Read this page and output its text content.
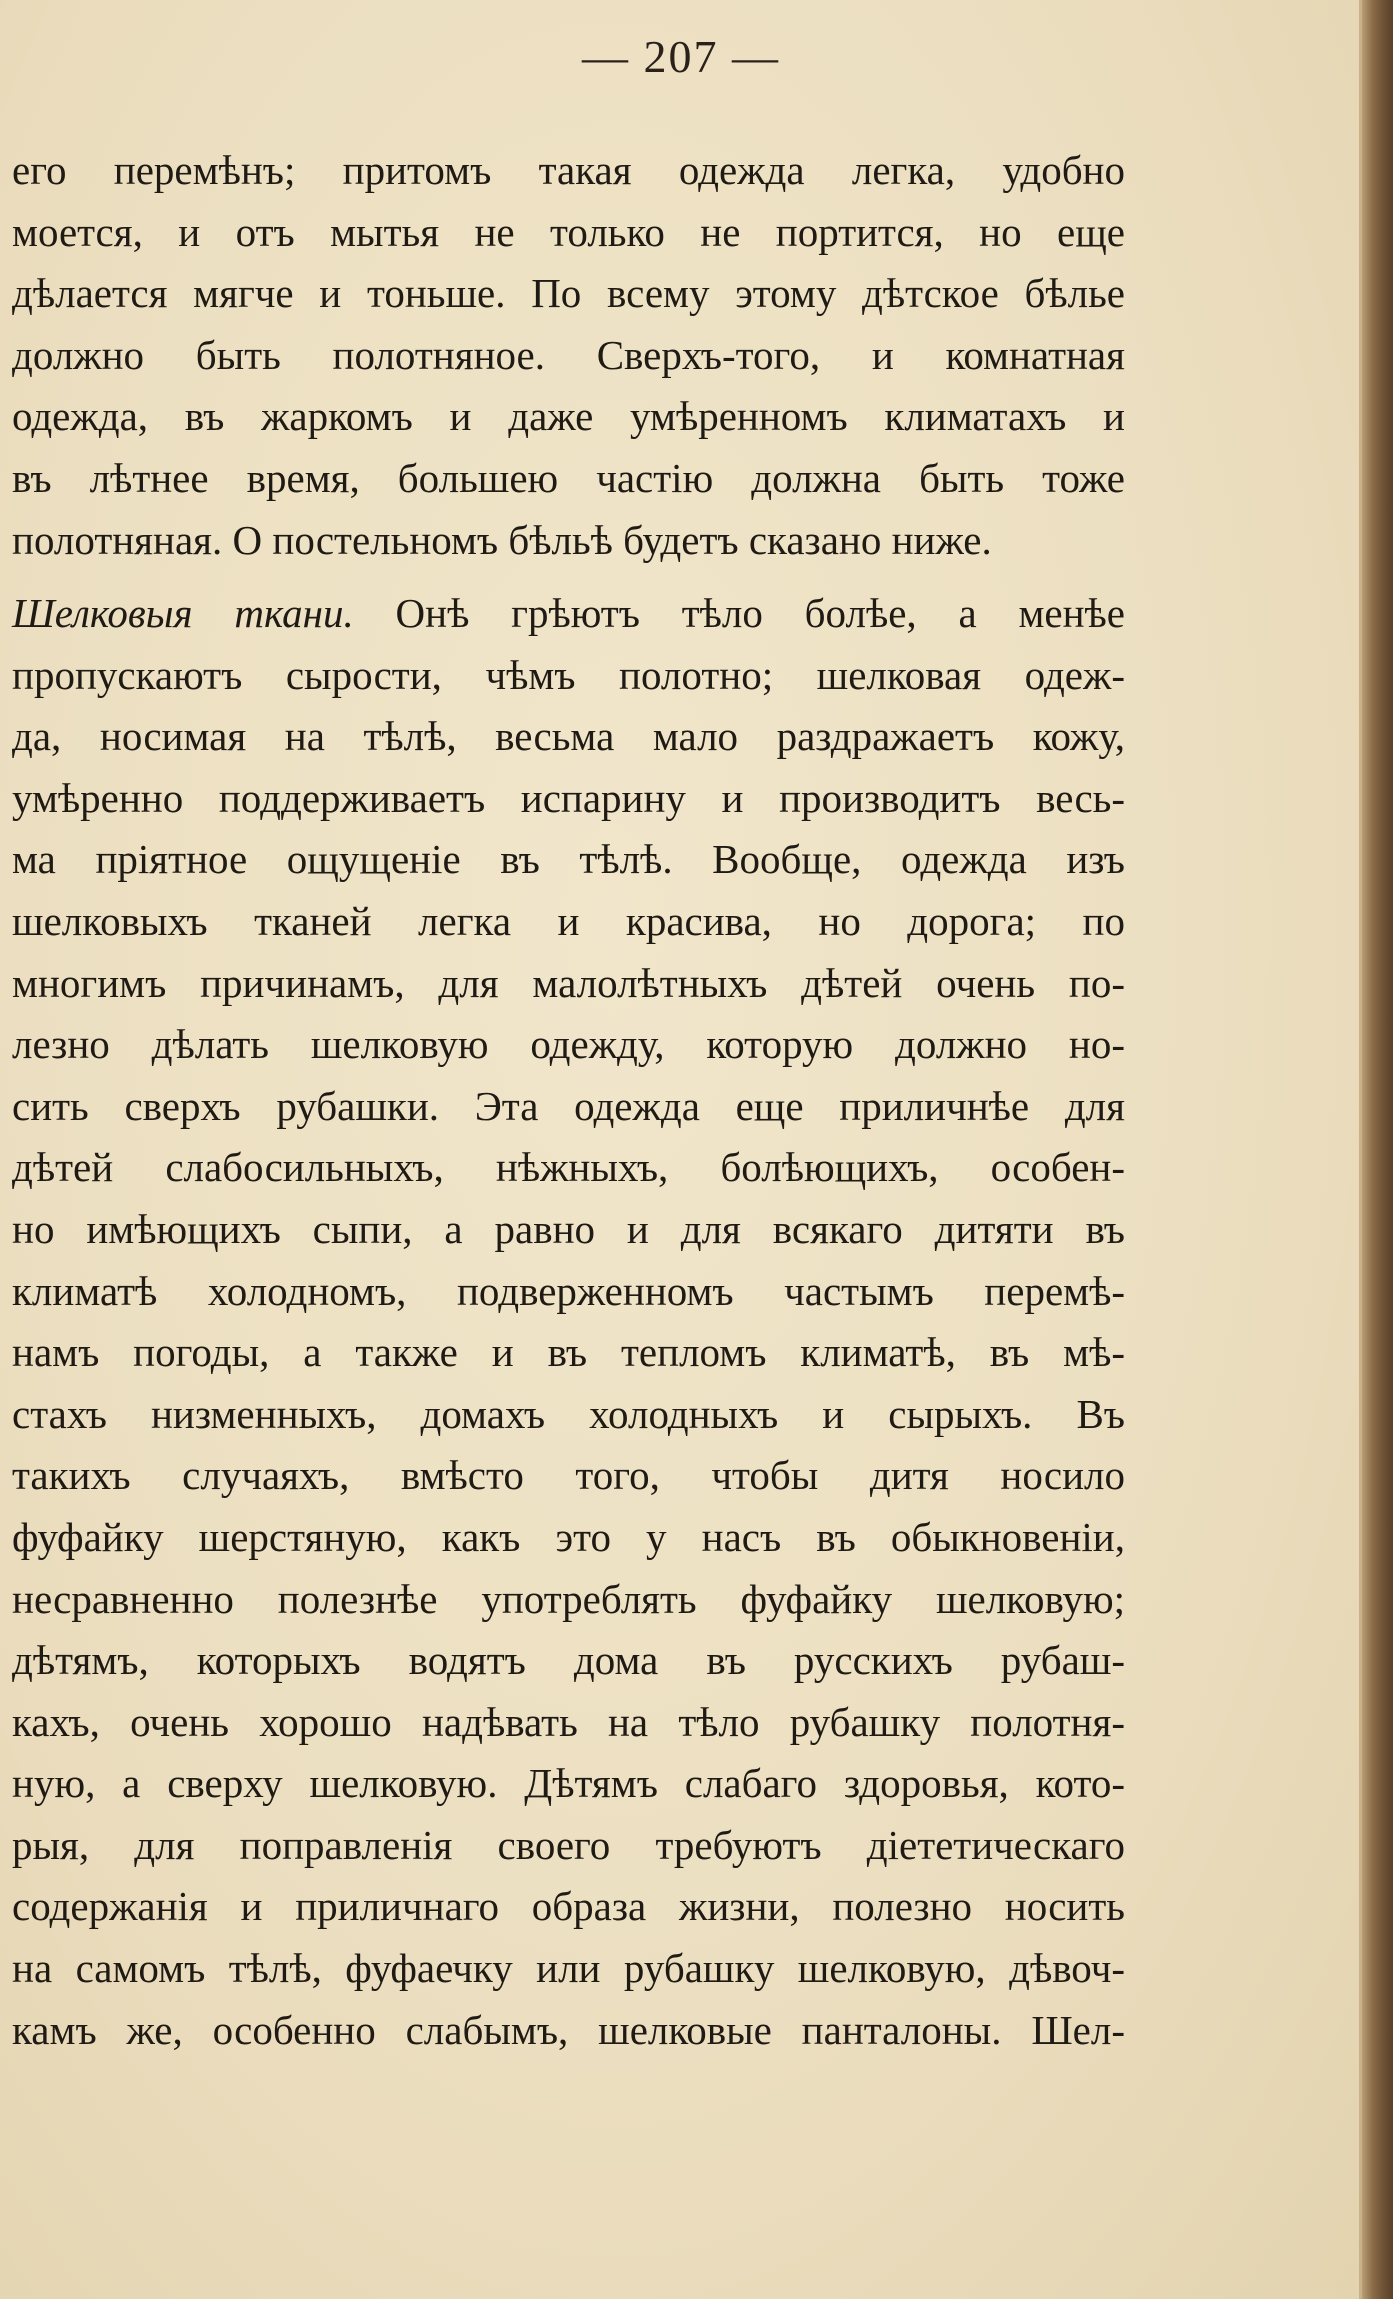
— 207 —
его перемѣнъ; притомъ такая одежда легка, удобно
моется, и отъ мытья не только не портится, но еще
дѣлается мягче и тоньше. По всему этому дѣтское бѣлье
должно быть полотняное. Сверхъ-того, и комнатная
одежда, въ жаркомъ и даже умѣренномъ климатахъ и
въ лѣтнее время, большею частію должна быть тоже
полотняная. О постельномъ бѣльѣ будетъ сказано ниже.
Шелковыя ткани. Онѣ грѣютъ тѣло болѣе, а менѣе
пропускаютъ сырости, чѣмъ полотно; шелковая одеж-
да, носимая на тѣлѣ, весьма мало раздражаетъ кожу,
умѣренно поддерживаетъ испарину и производитъ весь-
ма пріятное ощущеніе въ тѣлѣ. Вообще, одежда изъ
шелковыхъ тканей легка и красива, но дорога; по
многимъ причинамъ, для малолѣтныхъ дѣтей очень по-
лезно дѣлать шелковую одежду, которую должно но-
сить сверхъ рубашки. Эта одежда еще приличнѣе для
дѣтей слабосильныхъ, нѣжныхъ, болѣющихъ, особен-
но имѣющихъ сыпи, а равно и для всякаго дитяти въ
климатѣ холодномъ, подверженномъ частымъ перемѣ-
намъ погоды, а также и въ тепломъ климатѣ, въ мѣ-
стахъ низменныхъ, домахъ холодныхъ и сырыхъ. Въ
такихъ случаяхъ, вмѣсто того, чтобы дитя носило
фуфайку шерстяную, какъ это у насъ въ обыкновеніи,
несравненно полезнѣе употреблять фуфайку шелковую;
дѣтямъ, которыхъ водятъ дома въ русскихъ рубаш-
кахъ, очень хорошо надѣвать на тѣло рубашку полотня-
ную, а сверху шелковую. Дѣтямъ слабаго здоровья, кото-
рыя, для поправленія своего требуютъ діететическаго
содержанія и приличнаго образа жизни, полезно носить
на самомъ тѣлѣ, фуфаечку или рубашку шелковую, дѣвоч-
камъ же, особенно слабымъ, шелковые панталоны. Шел-
